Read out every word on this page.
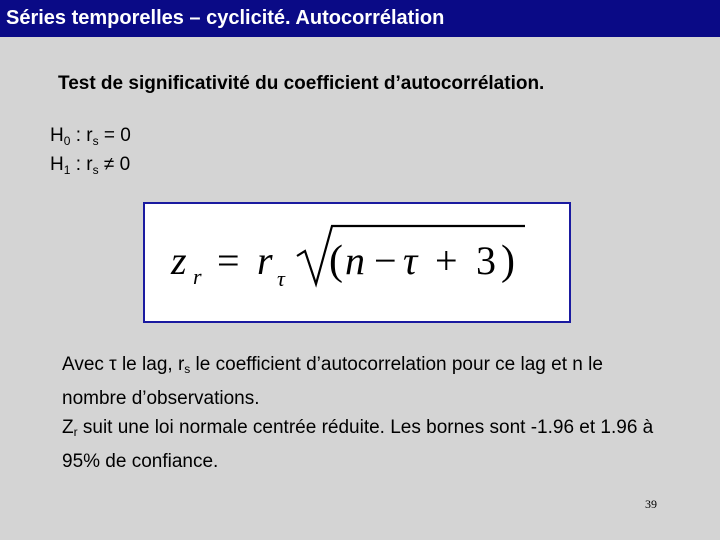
Séries temporelles – cyclicité. Autocorrélation
Test de significativité du coefficient d’autocorrélation.
$H_0$ : $r_s = 0$
$H_1$ : $r_s \ne 0$
z r = r τ ( n − τ + 3 )

Avec τ le lag, $r_s$ le coefficient d’autocorrelation pour ce lag et n le nombre d’observations.

$Z_r$ suit une loi normale centrée réduite. Les bornes sont -1.96 et 1.96 à 95% de confiance.

39
